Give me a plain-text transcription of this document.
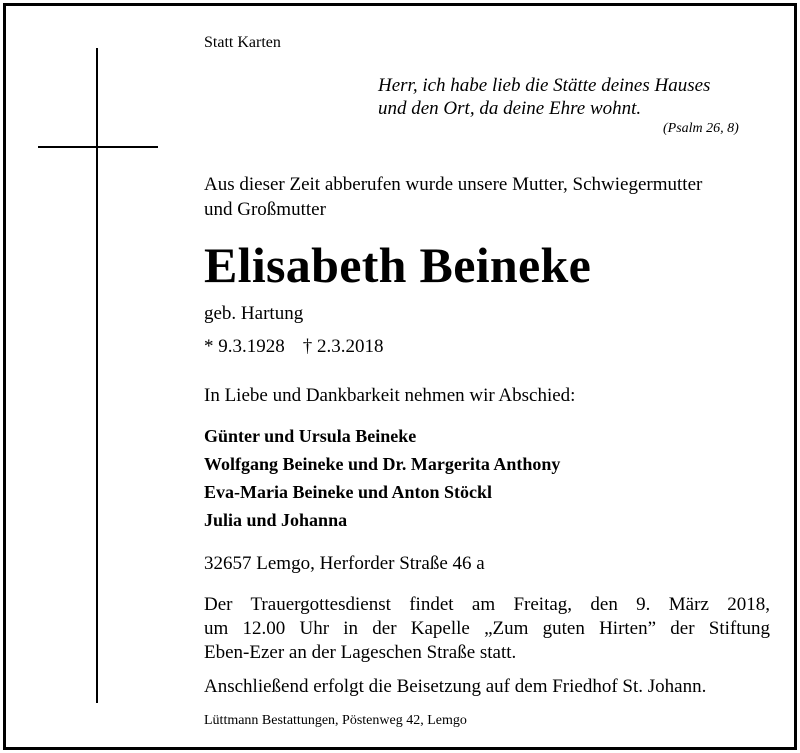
Statt Karten
Herr, ich habe lieb die Stätte deines Hauses
und den Ort, da deine Ehre wohnt.
(Psalm 26, 8)
Aus dieser Zeit abberufen wurde unsere Mutter, Schwiegermutter
und Großmutter
Elisabeth Beineke
geb. Hartung
* 9.3.1928 † 2.3.2018
In Liebe und Dankbarkeit nehmen wir Abschied:
Günter und Ursula Beineke
Wolfgang Beineke und Dr. Margerita Anthony
Eva-Maria Beineke und Anton Stöckl
Julia und Johanna
32657 Lemgo, Herforder Straße 46 a
Der Trauergottesdienst findet am Freitag, den 9. März 2018,
um 12.00 Uhr in der Kapelle „Zum guten Hirten” der Stiftung
Eben-Ezer an der Lageschen Straße statt.
Anschließend erfolgt die Beisetzung auf dem Friedhof St. Johann.
Lüttmann Bestattungen, Pöstenweg 42, Lemgo
